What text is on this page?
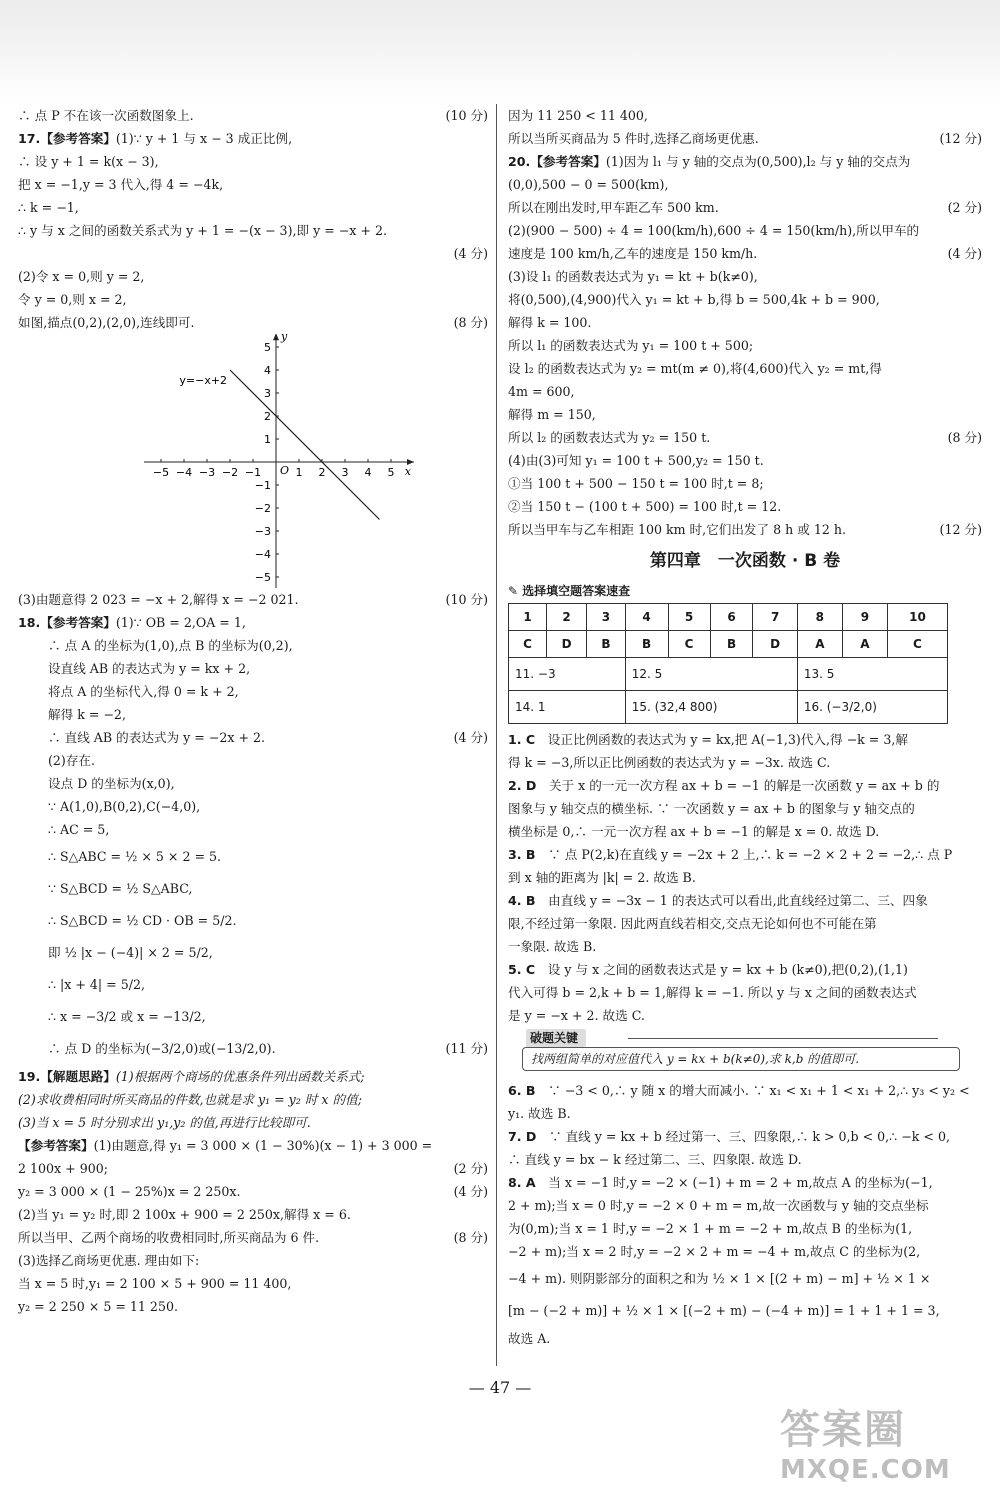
∴ 点 P 不在该一次函数图象上.	(10 分)
17.【参考答案】(1)∵ y + 1 与 x − 3 成正比例,
∴ 设 y + 1 = k(x − 3),
把 x = −1,y = 3 代入,得 4 = −4k,
∴ k = −1,
∴ y 与 x 之间的函数关系式为 y + 1 = −(x − 3),即 y = −x + 2.
(4 分)
(2)令 x = 0,则 y = 2,
令 y = 0,则 x = 2,
如图,描点(0,2),(2,0),连线即可.	(8 分)
−5 −4 −3 −2 −1	1 2 3 4 5
5
4
3
2
1
−1
−2
−3
−4
−5
O	x
y
y=−x+2
(3)由题意得 2 023 = −x + 2,解得 x = −2 021.	(10 分)
18.【参考答案】(1)∵ OB = 2,OA = 1,
∴ 点 A 的坐标为(1,0),点 B 的坐标为(0,2),
设直线 AB 的表达式为 y = kx + 2,
将点 A 的坐标代入,得 0 = k + 2,
解得 k = −2,
∴ 直线 AB 的表达式为 y = −2x + 2.	(4 分)
(2)存在.
设点 D 的坐标为(x,0),
∵ A(1,0),B(0,2),C(−4,0),
∴ AC = 5,
∴ S△ABC = ½ × 5 × 2 = 5.
∵ S△BCD = ½ S△ABC,
∴ S△BCD = ½ CD · OB = 5/2.
即 ½ |x − (−4)| × 2 = 5/2,
∴ |x + 4| = 5/2,
∴ x = −3/2 或 x = −13/2,
∴ 点 D 的坐标为(−3/2,0)或(−13/2,0).	(11 分)
19.【解题思路】(1)根据两个商场的优惠条件列出函数关系式;
(2)求收费相同时所买商品的件数,也就是求 y₁ = y₂ 时 x 的值;
(3)当 x = 5 时分别求出 y₁,y₂ 的值,再进行比较即可.
【参考答案】(1)由题意,得 y₁ = 3 000 × (1 − 30%)(x − 1) + 3 000 =
2 100x + 900;	(2 分)
y₂ = 3 000 × (1 − 25%)x = 2 250x.	(4 分)
(2)当 y₁ = y₂ 时,即 2 100x + 900 = 2 250x,解得 x = 6.
所以当甲、乙两个商场的收费相同时,所买商品为 6 件.	(8 分)
(3)选择乙商场更优惠. 理由如下:
当 x = 5 时,y₁ = 2 100 × 5 + 900 = 11 400,
y₂ = 2 250 × 5 = 11 250.
因为 11 250 < 11 400,
所以当所买商品为 5 件时,选择乙商场更优惠.	(12 分)
20.【参考答案】(1)因为 l₁ 与 y 轴的交点为(0,500),l₂ 与 y 轴的交点为
(0,0),500 − 0 = 500(km),
所以在刚出发时,甲车距乙车 500 km.	(2 分)
(2)(900 − 500) ÷ 4 = 100(km/h),600 ÷ 4 = 150(km/h),所以甲车的
速度是 100 km/h,乙车的速度是 150 km/h.	(4 分)
(3)设 l₁ 的函数表达式为 y₁ = kt + b(k≠0),
将(0,500),(4,900)代入 y₁ = kt + b,得 b = 500,4k + b = 900,
解得 k = 100.
所以 l₁ 的函数表达式为 y₁ = 100 t + 500;
设 l₂ 的函数表达式为 y₂ = mt(m ≠ 0),将(4,600)代入 y₂ = mt,得
4m = 600,
解得 m = 150,
所以 l₂ 的函数表达式为 y₂ = 150 t.	(8 分)
(4)由(3)可知 y₁ = 100 t + 500,y₂ = 150 t.
①当 100 t + 500 − 150 t = 100 时,t = 8;
②当 150 t − (100 t + 500) = 100 时,t = 12.
所以当甲车与乙车相距 100 km 时,它们出发了 8 h 或 12 h.	(12 分)
第四章　一次函数 · B 卷
✎ 选择填空题答案速查
1	2	3	4	5	6	7	8	9	10
C	D	B	B	C	B	D	A	A	C
11. −3			12. 5				13. 5		
14. 1			15. (32,4 800)				16. (−3/2,0)		
1. C　 设正比例函数的表达式为 y = kx,把 A(−1,3)代入,得 −k = 3,解
得 k = −3,所以正比例函数的表达式为 y = −3x. 故选 C.
2. D　 关于 x 的一元一次方程 ax + b = −1 的解是一次函数 y = ax + b 的
图象与 y 轴交点的横坐标. ∵ 一次函数 y = ax + b 的图象与 y 轴交点的
横坐标是 0,∴ 一元一次方程 ax + b = −1 的解是 x = 0. 故选 D.
3. B　 ∵ 点 P(2,k)在直线 y = −2x + 2 上,∴ k = −2 × 2 + 2 = −2,∴ 点 P
到 x 轴的距离为 |k| = 2. 故选 B.
4. B　 由直线 y = −3x − 1 的表达式可以看出,此直线经过第二、三、四象
限,不经过第一象限. 因此两直线若相交,交点无论如何也不可能在第
一象限. 故选 B.
5. C　 设 y 与 x 之间的函数表达式是 y = kx + b (k≠0),把(0,2),(1,1)
代入可得 b = 2,k + b = 1,解得 k = −1. 所以 y 与 x 之间的函数表达式
是 y = −x + 2. 故选 C.
破题关键
找两组简单的对应值代入 y = kx + b(k≠0),求 k,b 的值即可.
6. B　 ∵ −3 < 0,∴ y 随 x 的增大而减小. ∵ x₁ < x₁ + 1 < x₁ + 2,∴ y₃ < y₂ <
y₁. 故选 B.
7. D　 ∵ 直线 y = kx + b 经过第一、三、四象限,∴ k > 0,b < 0,∴ −k < 0,
∴ 直线 y = bx − k 经过第二、三、四象限. 故选 D.
8. A　 当 x = −1 时,y = −2 × (−1) + m = 2 + m,故点 A 的坐标为(−1,
2 + m);当 x = 0 时,y = −2 × 0 + m = m,故一次函数与 y 轴的交点坐标
为(0,m);当 x = 1 时,y = −2 × 1 + m = −2 + m,故点 B 的坐标为(1,
−2 + m);当 x = 2 时,y = −2 × 2 + m = −4 + m,故点 C 的坐标为(2,
−4 + m). 则阴影部分的面积之和为 ½ × 1 × [(2 + m) − m] + ½ × 1 ×
[m − (−2 + m)] + ½ × 1 × [(−2 + m) − (−4 + m)] = 1 + 1 + 1 = 3,
故选 A.
— 47 —
答案圈
MXQE.COM
